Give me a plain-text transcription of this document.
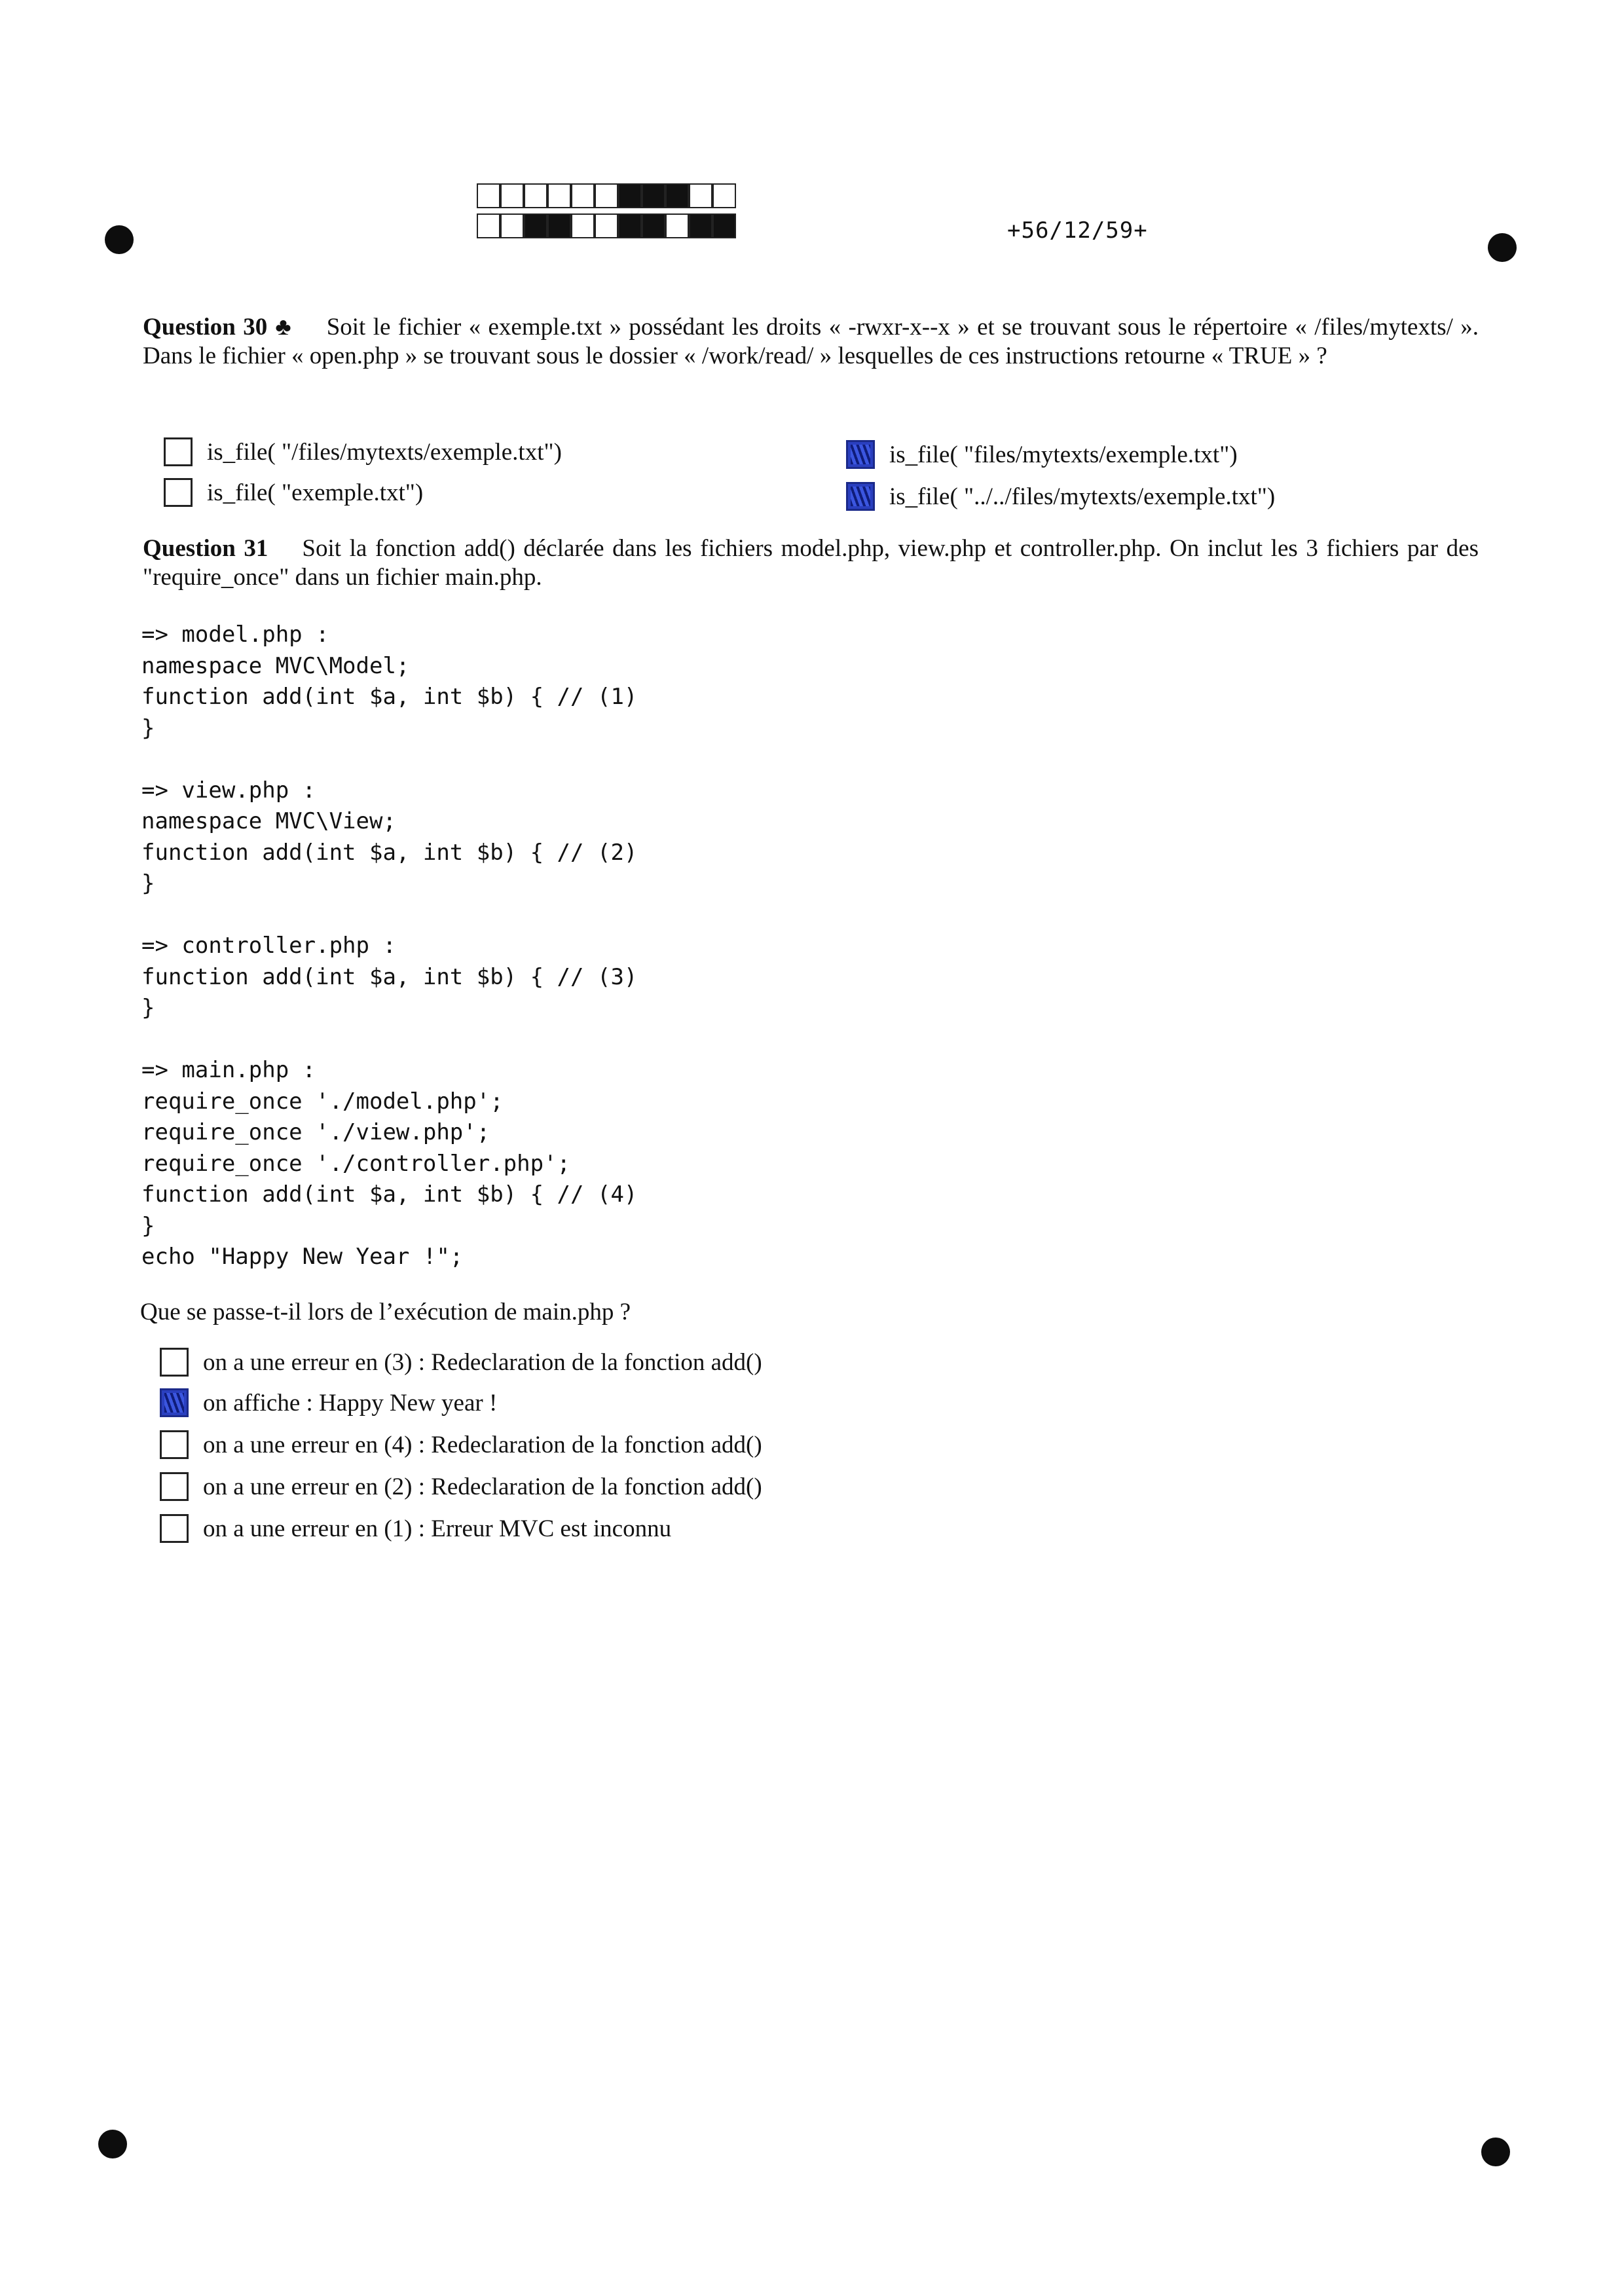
+56/12/59+
Question 30 ♣ Soit le fichier « exemple.txt » possédant les droits « -rwxr-x--x » et se trouvant sous le répertoire « /files/mytexts/ ». Dans le fichier « open.php » se trouvant sous le dossier « /work/read/ » lesquelles de ces instructions retourne « TRUE » ?
is_file( "/files/mytexts/exemple.txt")	is_file( "files/mytexts/exemple.txt")
is_file( "exemple.txt")	is_file( "../../files/mytexts/exemple.txt")
Question 31 Soit la fonction add() déclarée dans les fichiers model.php, view.php et controller.php. On inclut les 3 fichiers par des "require_once" dans un fichier main.php.
=> model.php :
namespace MVC\Model;
function add(int $a, int $b) { // (1)
}
=> view.php :
namespace MVC\View;
function add(int $a, int $b) { // (2)
}
=> controller.php :
function add(int $a, int $b) { // (3)
}
=> main.php :
require_once './model.php';
require_once './view.php';
require_once './controller.php';
function add(int $a, int $b) { // (4)
}
echo "Happy New Year !";
Que se passe-t-il lors de l’exécution de main.php ?
on a une erreur en (3) : Redeclaration de la fonction add()
on affiche : Happy New year !
on a une erreur en (4) : Redeclaration de la fonction add()
on a une erreur en (2) : Redeclaration de la fonction add()
on a une erreur en (1) : Erreur MVC est inconnu
